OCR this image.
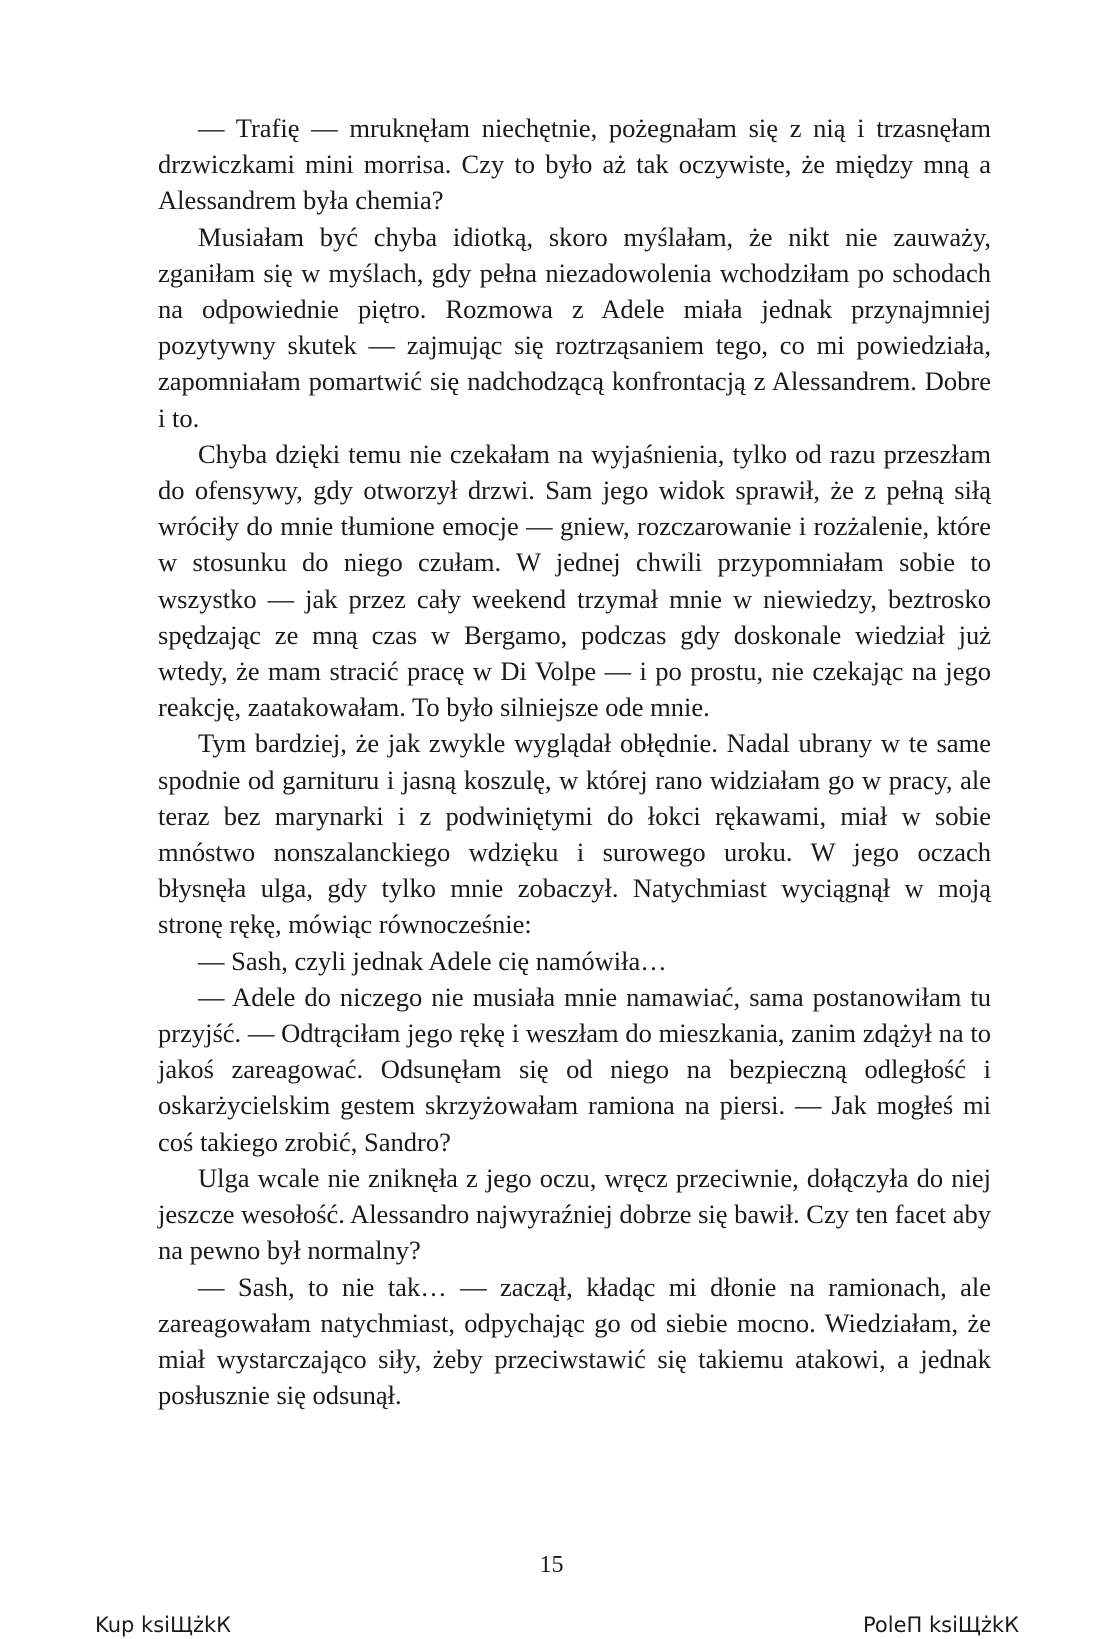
— Trafię — mruknęłam niechętnie, pożegnałam się z nią i trzasnęłam drzwiczkami mini morrisa. Czy to było aż tak oczywiste, że między mną a Alessandrem była chemia?

Musiałam być chyba idiotką, skoro myślałam, że nikt nie zauważy, zganiłam się w myślach, gdy pełna niezadowolenia wchodziłam po schodach na odpowiednie piętro. Rozmowa z Adele miała jednak przynajmniej pozytywny skutek — zajmując się roztrząsaniem tego, co mi powiedziała, zapomniałam pomartwić się nadchodzącą konfrontacją z Alessandrem. Dobre i to.

Chyba dzięki temu nie czekałam na wyjaśnienia, tylko od razu przeszłam do ofensywy, gdy otworzył drzwi. Sam jego widok sprawił, że z pełną siłą wróciły do mnie tłumione emocje — gniew, rozczarowanie i rozżalenie, które w stosunku do niego czułam. W jednej chwili przypomniałam sobie to wszystko — jak przez cały weekend trzymał mnie w niewiedzy, beztrosko spędzając ze mną czas w Bergamo, podczas gdy doskonale wiedział już wtedy, że mam stracić pracę w Di Volpe — i po prostu, nie czekając na jego reakcję, zaatakowałam. To było silniejsze ode mnie.

Tym bardziej, że jak zwykle wyglądał obłędnie. Nadal ubrany w te same spodnie od garnituru i jasną koszulę, w której rano widziałam go w pracy, ale teraz bez marynarki i z podwiniętymi do łokci rękawami, miał w sobie mnóstwo nonszalanckiego wdzięku i surowego uroku. W jego oczach błysnęła ulga, gdy tylko mnie zobaczył. Natychmiast wyciągnął w moją stronę rękę, mówiąc równocześnie:

— Sash, czyli jednak Adele cię namówiła…

— Adele do niczego nie musiała mnie namawiać, sama postanowiłam tu przyjść. — Odtrąciłam jego rękę i weszłam do mieszkania, zanim zdążył na to jakoś zareagować. Odsunęłam się od niego na bezpieczną odległość i oskarżycielskim gestem skrzyżowałam ramiona na piersi. — Jak mogłeś mi coś takiego zrobić, Sandro?

Ulga wcale nie zniknęła z jego oczu, wręcz przeciwnie, dołączyła do niej jeszcze wesołość. Alessandro najwyraźniej dobrze się bawił. Czy ten facet aby na pewno był normalny?

— Sash, to nie tak… — zaczął, kładąc mi dłonie na ramionach, ale zareagowałam natychmiast, odpychając go od siebie mocno. Wiedziałam, że miał wystarczająco siły, żeby przeciwstawić się takiemu atakowi, a jednak posłusznie się odsunął.

15
Kup ksiЩżkК	PoleП ksiЩżkК
